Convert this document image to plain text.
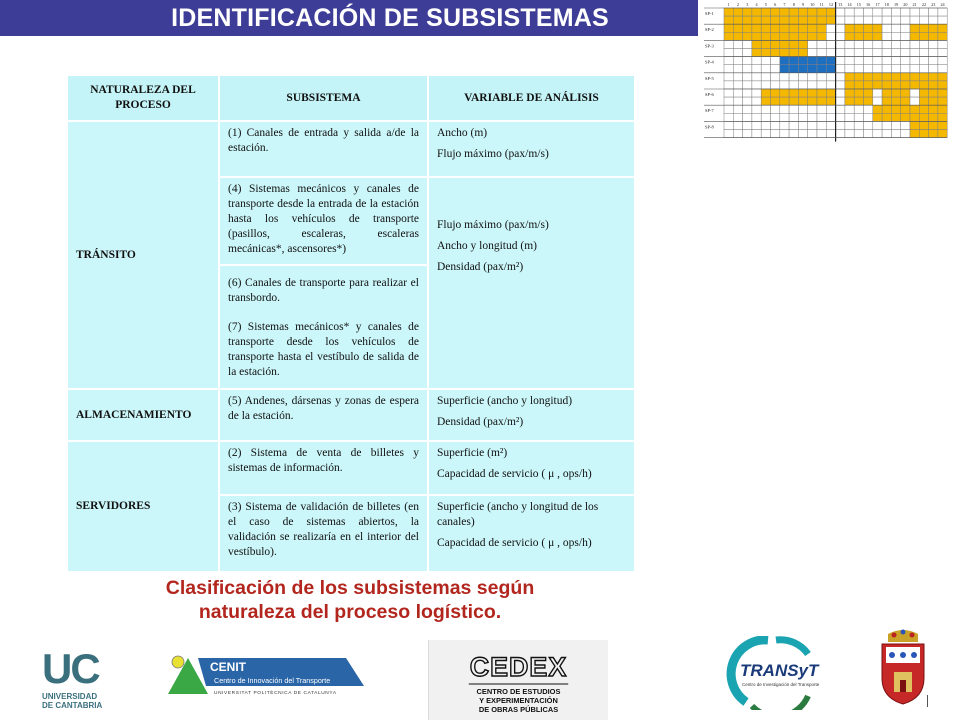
IDENTIFICACIÓN DE SUBSISTEMAS	SP-1
SP-2
SP-3
SP-4
SP-5
SP-6
SP-7
SP-8
1 2 3 4 5 6 7 8 9 10 11 12 13 14 15 16 17 18 19 20 21 22 23 24
NATURALEZA DEL PROCESO	SUBSISTEMA	VARIABLE DE ANÁLISIS
TRÁNSITO	(1) Canales de entrada y salida a/de la estación.	Ancho (m)
Flujo máximo (pax/m/s)

	(4) Sistemas mecánicos y canales de transporte desde la entrada de la estación hasta los vehículos de transporte (pasillos, escaleras, escaleras mecánicas*, ascensores*)	Flujo máximo (pax/m/s)
Ancho y longitud (m)
Densidad (pax/m²)

	(6) Canales de transporte para realizar el transbordo.
(7) Sistemas mecánicos* y canales de transporte desde los vehículos de transporte hasta el vestíbulo de salida de la estación.	

ALMACENAMIENTO	(5) Andenes, dársenas y zonas de espera de la estación.	Superficie (ancho y longitud)
Densidad (pax/m²)

SERVIDORES	(2) Sistema de venta de billetes y sistemas de información.	Superficie (m²)
Capacidad de servicio ( μ , ops/h)

	(3) Sistema de validación de billetes (en el caso de sistemas abiertos, la validación se realizaría en el interior del vestíbulo).	Superficie (ancho y longitud de los canales)
Capacidad de servicio ( μ , ops/h)
Clasificación de los subsistemas según
naturaleza del proceso logístico.
UC
UNIVERSIDAD
DE CANTABRIA
CENIT
Centro de Innovación del Transporte
UNIVERSITAT POLITÈCNICA DE CATALUNYA
CEDEX
CENTRO DE ESTUDIOS
Y EXPERIMENTACIÓN
DE OBRAS PÚBLICAS
TRANSyT
Centro de Investigación del Transporte
